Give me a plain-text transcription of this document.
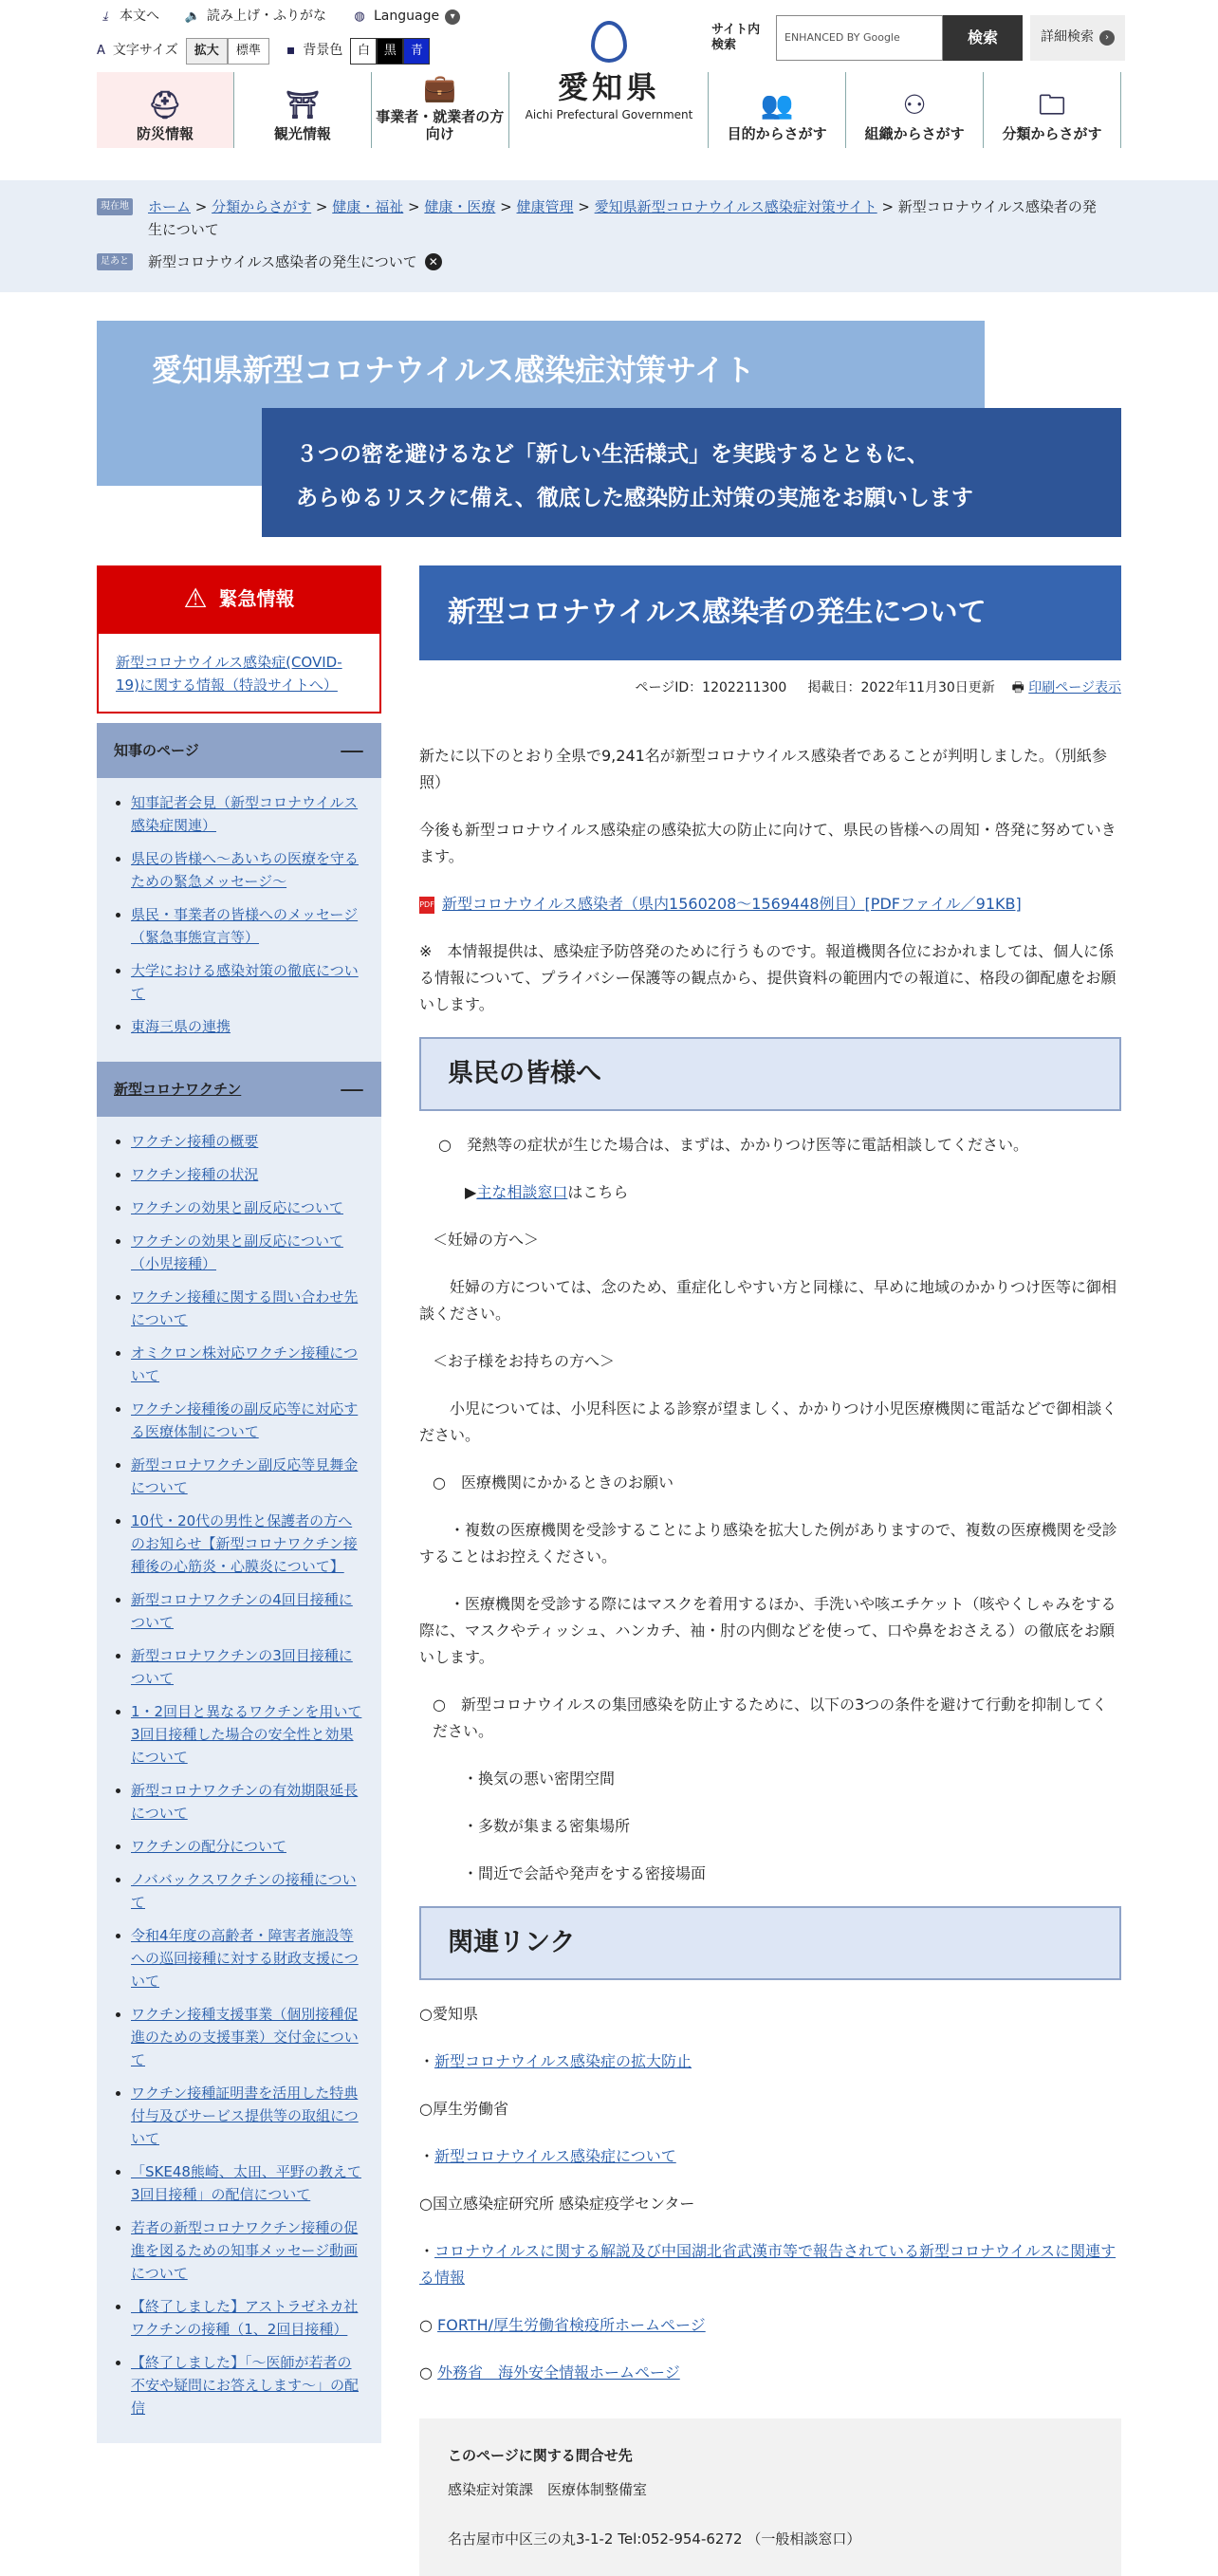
⤓ 本文へ 🔈 読み上げ・ふりがな ◍ Language	▾
A 文字サイズ	拡大	標準	▪ 背景色	白	黒	青
愛知県
Aichi Prefectural Government
サイト内検索
ENHANCED BY Google	検索	詳細検索	›
⛑
防災情報
⛩
観光情報
💼
事業者・就業者の方向け
👥
目的からさがす
⚇
組織からさがす
🗀
分類からさがす
現在地 ホーム > 分類からさがす > 健康・福祉 > 健康・医療 > 健康管理 > 愛知県新型コロナウイルス感染症対策サイト > 新型コロナウイルス感染者の発生について
足あと 新型コロナウイルス感染者の発生について ✕
愛知県新型コロナウイルス感染症対策サイト
３つの密を避けるなど「新しい生活様式」を実践するとともに、
あらゆるリスクに備え、徹底した感染防止対策の実施をお願いします
⚠ 緊急情報
新型コロナウイルス感染症(COVID-19)に関する情報（特設サイトへ）
知事のページ	—
• 知事記者会見（新型コロナウイルス感染症関連）
• 県民の皆様へ～あいちの医療を守るための緊急メッセージ～
• 県民・事業者の皆様へのメッセージ（緊急事態宣言等）
• 大学における感染対策の徹底について
• 東海三県の連携
新型コロナワクチン	—
• ワクチン接種の概要
• ワクチン接種の状況
• ワクチンの効果と副反応について
• ワクチンの効果と副反応について（小児接種）
• ワクチン接種に関する問い合わせ先について
• オミクロン株対応ワクチン接種について
• ワクチン接種後の副反応等に対応する医療体制について
• 新型コロナワクチン副反応等見舞金について
• 10代・20代の男性と保護者の方へのお知らせ【新型コロナワクチン接種後の心筋炎・心膜炎について】
• 新型コロナワクチンの4回目接種について
• 新型コロナワクチンの3回目接種について
• 1・2回目と異なるワクチンを用いて3回目接種した場合の安全性と効果について
• 新型コロナワクチンの有効期限延長について
• ワクチンの配分について
• ノババックスワクチンの接種について
• 令和4年度の高齢者・障害者施設等への巡回接種に対する財政支援について
• ワクチン接種支援事業（個別接種促進のための支援事業）交付金について
• ワクチン接種証明書を活用した特典付与及びサービス提供等の取組について
• 「SKE48熊崎、太田、平野の教えて3回目接種」の配信について
• 若者の新型コロナワクチン接種の促進を図るための知事メッセージ動画について
• 【終了しました】アストラゼネカ社ワクチンの接種（1、2回目接種）
• 【終了しました】「～医師が若者の不安や疑問にお答えします～」の配信
新型コロナウイルス感染者の発生について
ページID：1202211300 掲載日：2022年11月30日更新 🖶 印刷ページ表示

新たに以下のとおり全県で9,241名が新型コロナウイルス感染者であることが判明しました。（別紙参照）

今後も新型コロナウイルス感染症の感染拡大の防止に向けて、県民の皆様への周知・啓発に努めていきます。

PDF 新型コロナウイルス感染者（県内1560208～1569448例目）[PDFファイル／91KB]

※　本情報提供は、感染症予防啓発のために行うものです。報道機関各位におかれましては、個人に係る情報について、プライバシー保護等の観点から、提供資料の範囲内での報道に、格段の御配慮をお願いします。

県民の皆様へ

○　発熱等の症状が生じた場合は、まずは、かかりつけ医等に電話相談してください。

▶主な相談窓口はこちら

＜妊婦の方へ＞

妊婦の方については、念のため、重症化しやすい方と同様に、早めに地域のかかりつけ医等に御相談ください。

＜お子様をお持ちの方へ＞

小児については、小児科医による診察が望ましく、かかりつけ小児医療機関に電話などで御相談ください。

○　医療機関にかかるときのお願い

・複数の医療機関を受診することにより感染を拡大した例がありますので、複数の医療機関を受診することはお控えください。

・医療機関を受診する際にはマスクを着用するほか、手洗いや咳エチケット（咳やくしゃみをする際に、マスクやティッシュ、ハンカチ、袖・肘の内側などを使って、口や鼻をおさえる）の徹底をお願いします。

○　新型コロナウイルスの集団感染を防止するために、以下の3つの条件を避けて行動を抑制してください。

・換気の悪い密閉空間

・多数が集まる密集場所

・間近で会話や発声をする密接場面

関連リンク

○愛知県

・新型コロナウイルス感染症の拡大防止

○厚生労働省

・新型コロナウイルス感染症について

○国立感染症研究所 感染症疫学センター

・コロナウイルスに関する解説及び中国湖北省武漢市等で報告されている新型コロナウイルスに関連する情報

○ FORTH/厚生労働省検疫所ホームページ

○ 外務省　海外安全情報ホームページ

このページに関する問合せ先
感染症対策課　医療体制整備室
名古屋市中区三の丸3-1-2 Tel:052-954-6272 （一般相談窓口）
